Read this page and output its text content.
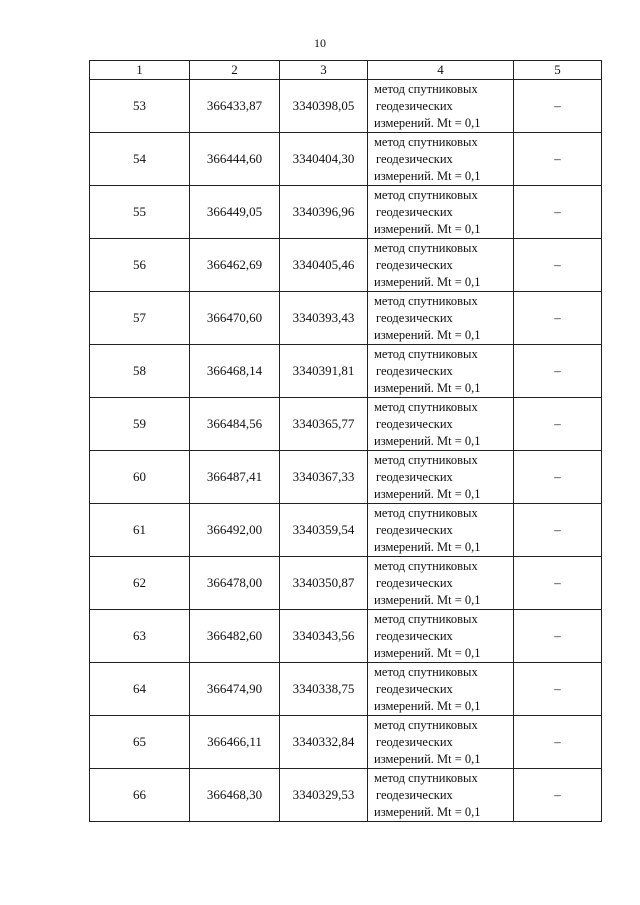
10
1	2	3	4	5
53	366433,87	3340398,05	метод спутниковых
геодезических
измерений. Mt = 0,1	–
54	366444,60	3340404,30	метод спутниковых
геодезических
измерений. Mt = 0,1	–
55	366449,05	3340396,96	метод спутниковых
геодезических
измерений. Mt = 0,1	–
56	366462,69	3340405,46	метод спутниковых
геодезических
измерений. Mt = 0,1	–
57	366470,60	3340393,43	метод спутниковых
геодезических
измерений. Mt = 0,1	–
58	366468,14	3340391,81	метод спутниковых
геодезических
измерений. Mt = 0,1	–
59	366484,56	3340365,77	метод спутниковых
геодезических
измерений. Mt = 0,1	–
60	366487,41	3340367,33	метод спутниковых
геодезических
измерений. Mt = 0,1	–
61	366492,00	3340359,54	метод спутниковых
геодезических
измерений. Mt = 0,1	–
62	366478,00	3340350,87	метод спутниковых
геодезических
измерений. Mt = 0,1	–
63	366482,60	3340343,56	метод спутниковых
геодезических
измерений. Mt = 0,1	–
64	366474,90	3340338,75	метод спутниковых
геодезических
измерений. Mt = 0,1	–
65	366466,11	3340332,84	метод спутниковых
геодезических
измерений. Mt = 0,1	–
66	366468,30	3340329,53	метод спутниковых
геодезических
измерений. Mt = 0,1	–
